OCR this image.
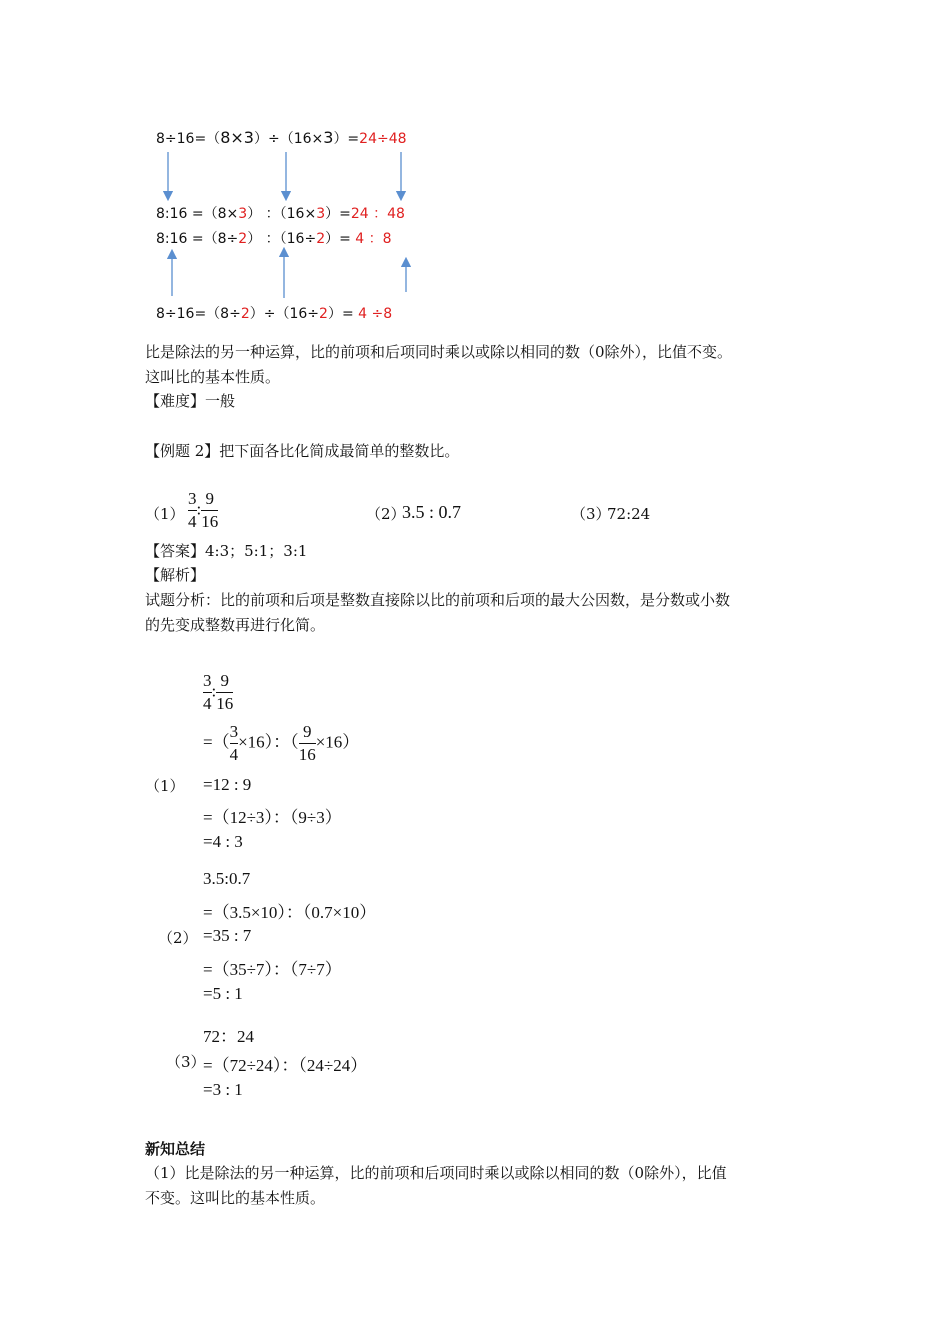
8÷16=（8×3）÷（16×3）=24÷48
8:16 =（8×3） ：（16×3）=24 ：48
8:16 =（8÷2） ：（16÷2）= 4 ：8
8÷16=（8÷2）÷（16÷2）= 4 ÷8
比是除法的另一种运算，比的前项和后项同时乘以或除以相同的数（0除外），比值不变。
这叫比的基本性质。
【难度】一般
【例题 2】把下面各比化简成最简单的整数比。
$(1) \frac{3}{4}$ : $\frac{9}{16}$	（2）
3.5 : 0.7	（3）
72:24
【答案】4:3；5:1；3:1
【解析】
试题分析：比的前项和后项是整数直接除以比的前项和后项的最大公因数，是分数或小数
的先变成整数再进行化简。
$\frac{3}{4}$ : $\frac{9}{16}$
=（ $\frac{3}{4} \times 16$）：（ $\frac{9}{16} \times 16$）
（1） =12 : 9
=（12÷3）：（9÷3）
=4 : 3
3.5:0.7
=（3.5×10）：（0.7×10）
（2） =35 : 7
=（35÷7）：（7÷7）
=5 : 1
72：24
（3）
=（72÷24）：（24÷24）
=3 : 1
新知总结
（1）比是除法的另一种运算，比的前项和后项同时乘以或除以相同的数（0除外），比值
不变。这叫比的基本性质。
